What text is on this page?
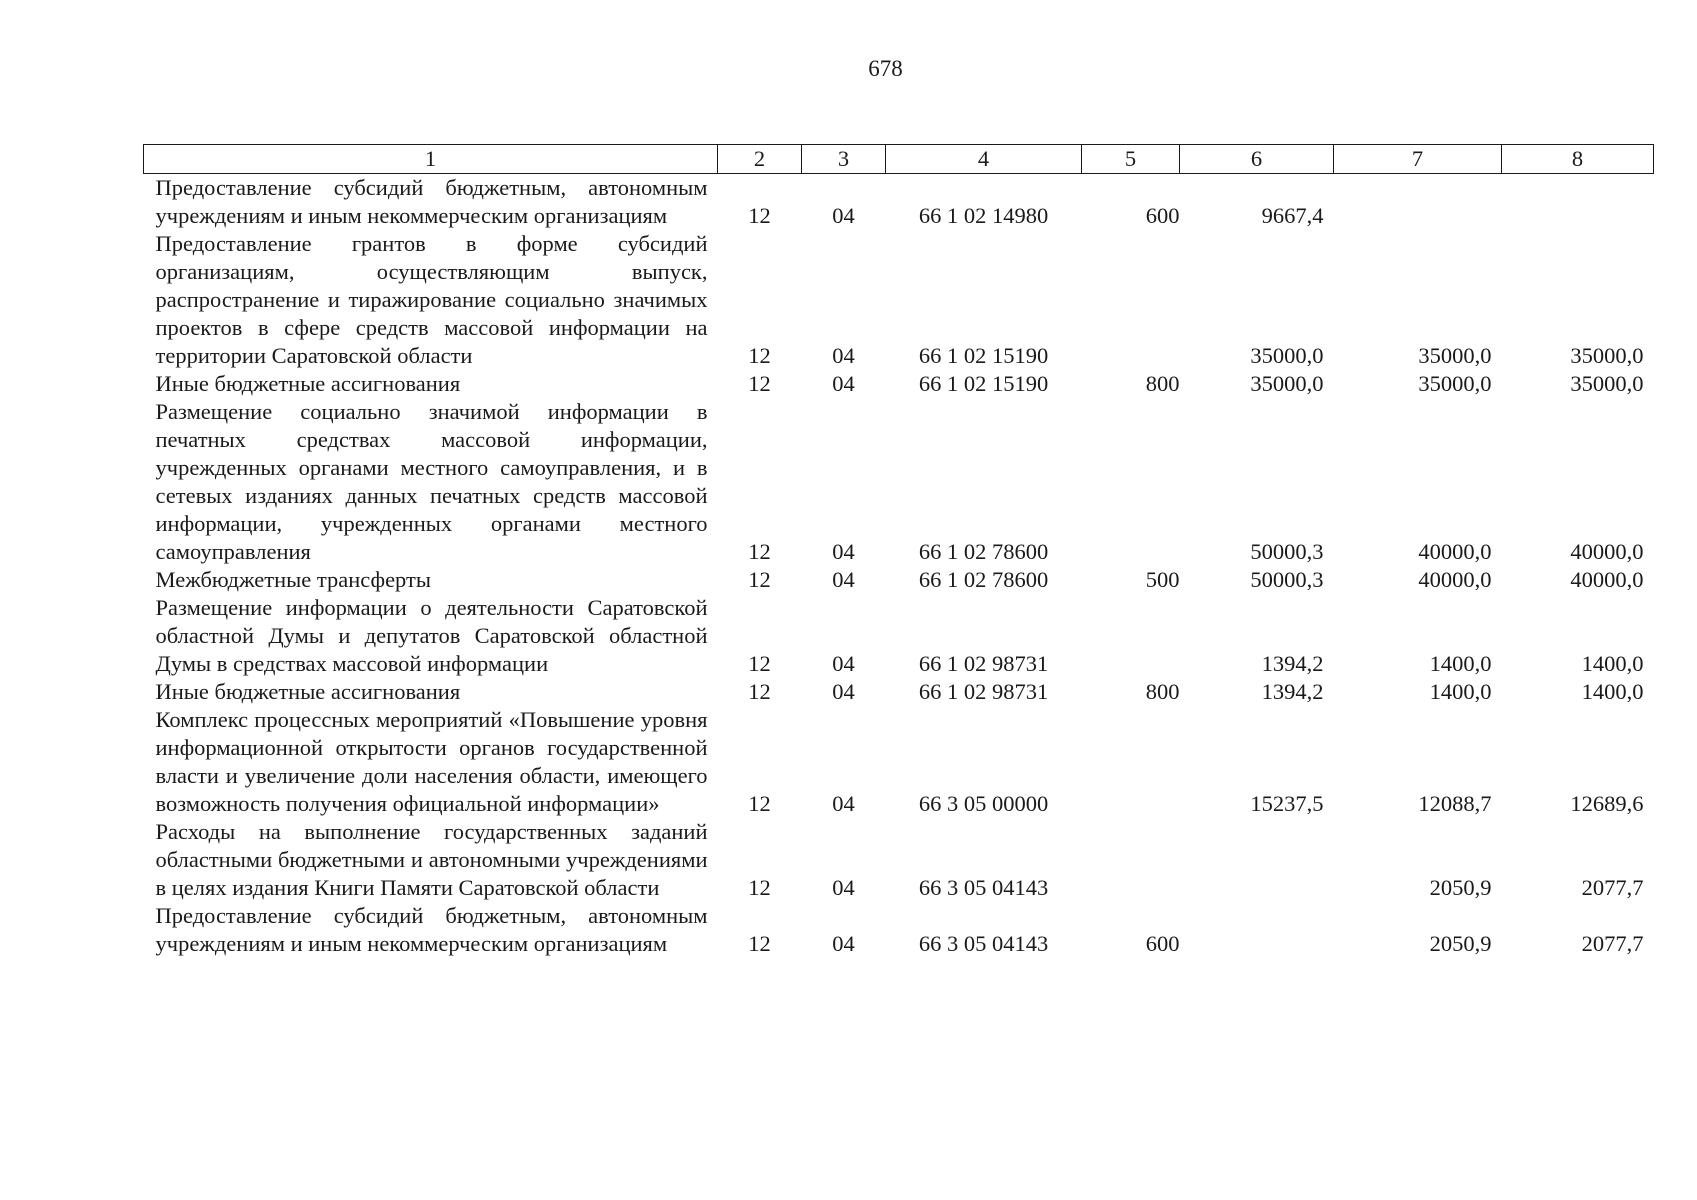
678
1	2	3	4	5	6	7	8
Предоставление субсидий бюджетным, автономным учреждениям и иным некоммерческим организациям	12	04	66 1 02 14980	600	9667,4		
Предоставление грантов в форме субсидий организациям, осуществляющим выпуск, распространение и тиражирование социально значимых проектов в сфере средств массовой информации на территории Саратовской области	12	04	66 1 02 15190		35000,0	35000,0	35000,0
Иные бюджетные ассигнования	12	04	66 1 02 15190	800	35000,0	35000,0	35000,0
Размещение социально значимой информации в печатных средствах массовой информации, учрежденных органами местного самоуправления, и в сетевых изданиях данных печатных средств массовой информации, учрежденных органами местного самоуправления	12	04	66 1 02 78600		50000,3	40000,0	40000,0
Межбюджетные трансферты	12	04	66 1 02 78600	500	50000,3	40000,0	40000,0
Размещение информации о деятельности Саратовской областной Думы и депутатов Саратовской областной Думы в средствах массовой информации	12	04	66 1 02 98731		1394,2	1400,0	1400,0
Иные бюджетные ассигнования	12	04	66 1 02 98731	800	1394,2	1400,0	1400,0
Комплекс процессных мероприятий «Повышение уровня информационной открытости органов государственной власти и увеличение доли населения области, имеющего возможность получения официальной информации»	12	04	66 3 05 00000		15237,5	12088,7	12689,6
Расходы на выполнение государственных заданий областными бюджетными и автономными учреждениями в целях издания Книги Памяти Саратовской области	12	04	66 3 05 04143			2050,9	2077,7
Предоставление субсидий бюджетным, автономным учреждениям и иным некоммерческим организациям	12	04	66 3 05 04143	600		2050,9	2077,7
